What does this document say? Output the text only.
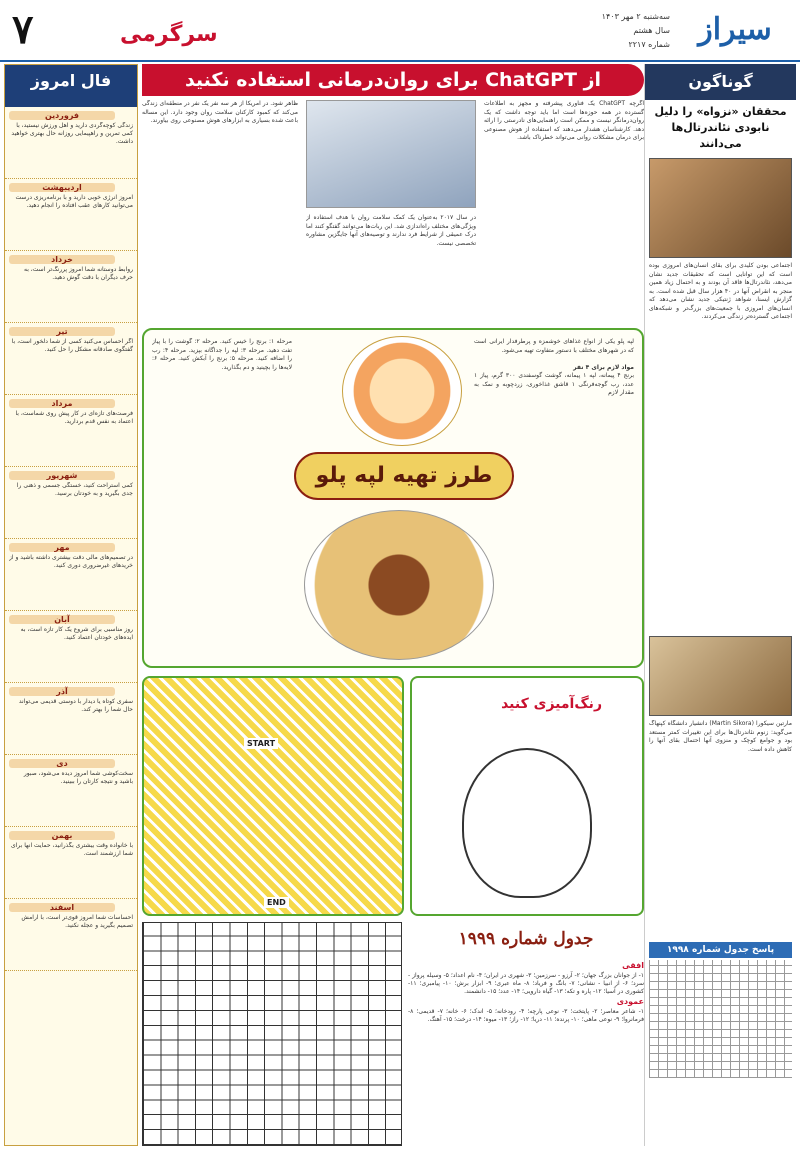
۷	سرگرمی
سه‌شنبه ۲ مهر ۱۴۰۳
سال هشتم
شماره ۲۲۱۷ سیراز
گوناگون
محققان «نزواه» را دلیل نابودی نئاندرتال‌ها می‌دانند
اجتماعی بودن کلیدی برای بقای انسان‌های امروزی بوده است که این توانایی است که تحقیقات جدید نشان می‌دهد، نئاندرتال‌ها فاقد آن بودند و به احتمال زیاد همین منجر به انقراض آنها در ۴۰ هزار سال قبل شده است. به گزارش ایسنا، شواهد ژنتیکی جدید نشان می‌دهد که انسان‌های امروزی با جمعیت‌های بزرگ‌تر و شبکه‌های اجتماعی گسترده‌تر زندگی می‌کردند.
مارتین سیکورا (Martin Sikora) دانشیار دانشگاه کپنهاگ می‌گوید: زنوم نئاندرتال‌ها برای این تغییرات کمتر مستعد بود و جوامع کوچک و منزوی آنها احتمال بقای آنها را کاهش داده است.
پاسخ جدول شماره ۱۹۹۸
فال امروز
فروردین
زندگی کوچه‌گردی دارید و اهل ورزش نیستید، با کمی تمرین و راهپیمایی روزانه حال بهتری خواهید داشت.
اردیبهشت
امروز انرژی خوبی دارید و با برنامه‌ریزی درست می‌توانید کارهای عقب افتاده را انجام دهید.
خرداد
روابط دوستانه شما امروز پررنگ‌تر است، به حرف دیگران با دقت گوش دهید.
تیر
اگر احساس می‌کنید کسی از شما دلخور است، با گفتگوی صادقانه مشکل را حل کنید.
مرداد
فرصت‌های تازه‌ای در کار پیش روی شماست، با اعتماد به نفس قدم بردارید.
شهریور
کمی استراحت کنید، خستگی جسمی و ذهنی را جدی بگیرید و به خودتان برسید.
مهر
در تصمیم‌های مالی دقت بیشتری داشته باشید و از خریدهای غیرضروری دوری کنید.
آبان
روز مناسبی برای شروع یک کار تازه است، به ایده‌های خودتان اعتماد کنید.
آذر
سفری کوتاه یا دیدار با دوستی قدیمی می‌تواند حال شما را بهتر کند.
دی
سخت‌کوشی شما امروز دیده می‌شود، صبور باشید و نتیجه کارتان را ببینید.
بهمن
با خانواده وقت بیشتری بگذرانید، حمایت آنها برای شما ارزشمند است.
اسفند
احساسات شما امروز قوی‌تر است، با آرامش تصمیم بگیرید و عجله نکنید.
از ChatGPT برای روان‌درمانی استفاده نکنید
اگرچه ChatGPT یک فناوری پیشرفته و مجهز به اطلاعات گسترده در همه حوزه‌ها است اما باید توجه داشت که یک روان‌درمانگر نیست و ممکن است راهنمایی‌های نادرستی را ارائه دهد. کارشناسان هشدار می‌دهند که استفاده از هوش مصنوعی برای درمان مشکلات روانی می‌تواند خطرناک باشد.
در سال ۲۰۱۷ به‌عنوان یک کمک سلامت روان با هدف استفاده از ویژگی‌های مختلف راه‌اندازی شد. این ربات‌ها می‌توانند گفتگو کنند اما درک عمیقی از شرایط فرد ندارند و توصیه‌های آنها جایگزین مشاوره تخصصی نیست.
ظاهر شود. در آمریکا از هر سه نفر یک نفر در منطقه‌ای زندگی می‌کند که کمبود کارکنان سلامت روان وجود دارد. این مساله باعث شده بسیاری به ابزارهای هوش مصنوعی روی بیاورند.
لپه پلو یکی از انواع غذاهای خوشمزه و پرطرفدار ایرانی است که در شهرهای مختلف با دستور متفاوت تهیه می‌شود.

مواد لازم برای ۴ نفر
برنج ۴ پیمانه، لپه ۱ پیمانه، گوشت گوسفندی ۳۰۰ گرم، پیاز ۱ عدد، رب گوجه‌فرنگی ۱ قاشق غذاخوری، زردچوبه و نمک به مقدار لازم
طرز تهیه لپه پلو
مرحله ۱: برنج را خیس کنید. مرحله ۲: گوشت را با پیاز تفت دهید. مرحله ۳: لپه را جداگانه بپزید. مرحله ۴: رب را اضافه کنید. مرحله ۵: برنج را آبکش کنید. مرحله ۶: لایه‌ها را بچینید و دم بگذارید.
رنگ‌آمیزی کنید
START
END
جدول شماره ۱۹۹۹
افقی
۱- از جوانان بزرگ جهان؛ ۲- آرزو - سرزمین؛ ۳- شهری در ایران؛ ۴- نام اعداد؛ ۵- وسیله پرواز - سرد؛ ۶- از انبیا - نشانی؛ ۷- بانگ و فریاد؛ ۸- ماه عبری؛ ۹- ابزار برش؛ ۱۰- پیامبری؛ ۱۱- کشوری در آسیا؛ ۱۲- پاره و تکه؛ ۱۳- گیاه دارویی؛ ۱۴- عدد؛ ۱۵- دانشمند.
عمودی
۱- شاعر معاصر؛ ۲- پایتخت؛ ۳- نوعی پارچه؛ ۴- رودخانه؛ ۵- اندک؛ ۶- خانه؛ ۷- قدیمی؛ ۸- فرمانروا؛ ۹- نوعی ماهی؛ ۱۰- پرنده؛ ۱۱- دریا؛ ۱۲- راز؛ ۱۳- میوه؛ ۱۴- درخت؛ ۱۵- آهنگ.
